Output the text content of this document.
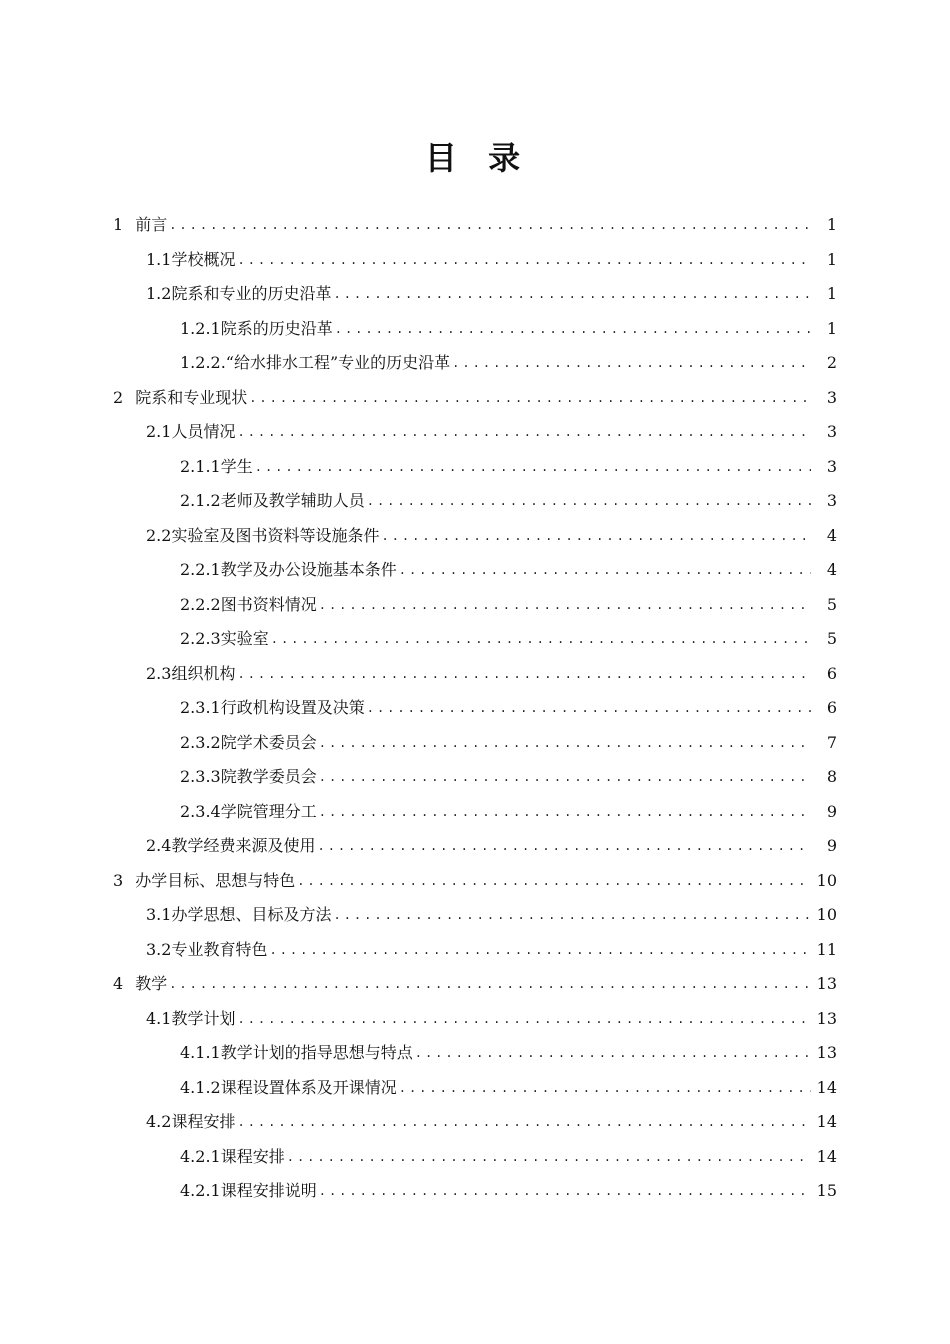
目 录
1 前言 .....	1
1.1 学校概况 .....	1
1.2 院系和专业的历史沿革 .....	1
1.2.1 院系的历史沿革 .....	1
1.2.2. “给水排水工程”专业的历史沿革 .....	2
2 院系和专业现状 .....	3
2.1 人员情况 .....	3
2.1.1 学生 .....	3
2.1.2 老师及教学辅助人员 .....	3
2.2 实验室及图书资料等设施条件 .....	4
2.2.1 教学及办公设施基本条件 .....	4
2.2.2 图书资料情况 .....	5
2.2.3 实验室 .....	5
2.3 组织机构 .....	6
2.3.1 行政机构设置及决策 .....	6
2.3.2 院学术委员会 .....	7
2.3.3 院教学委员会 .....	8
2.3.4 学院管理分工 .....	9
2.4 教学经费来源及使用 .....	9
3 办学目标、思想与特色 .....	10
3.1 办学思想、目标及方法 .....	10
3.2 专业教育特色 .....	11
4 教学 .....	13
4.1 教学计划 .....	13
4.1.1 教学计划的指导思想与特点 .....	13
4.1.2 课程设置体系及开课情况 .....	14
4.2 课程安排 .....	14
4.2.1 课程安排 .....	14
4.2.1 课程安排说明 .....	15
